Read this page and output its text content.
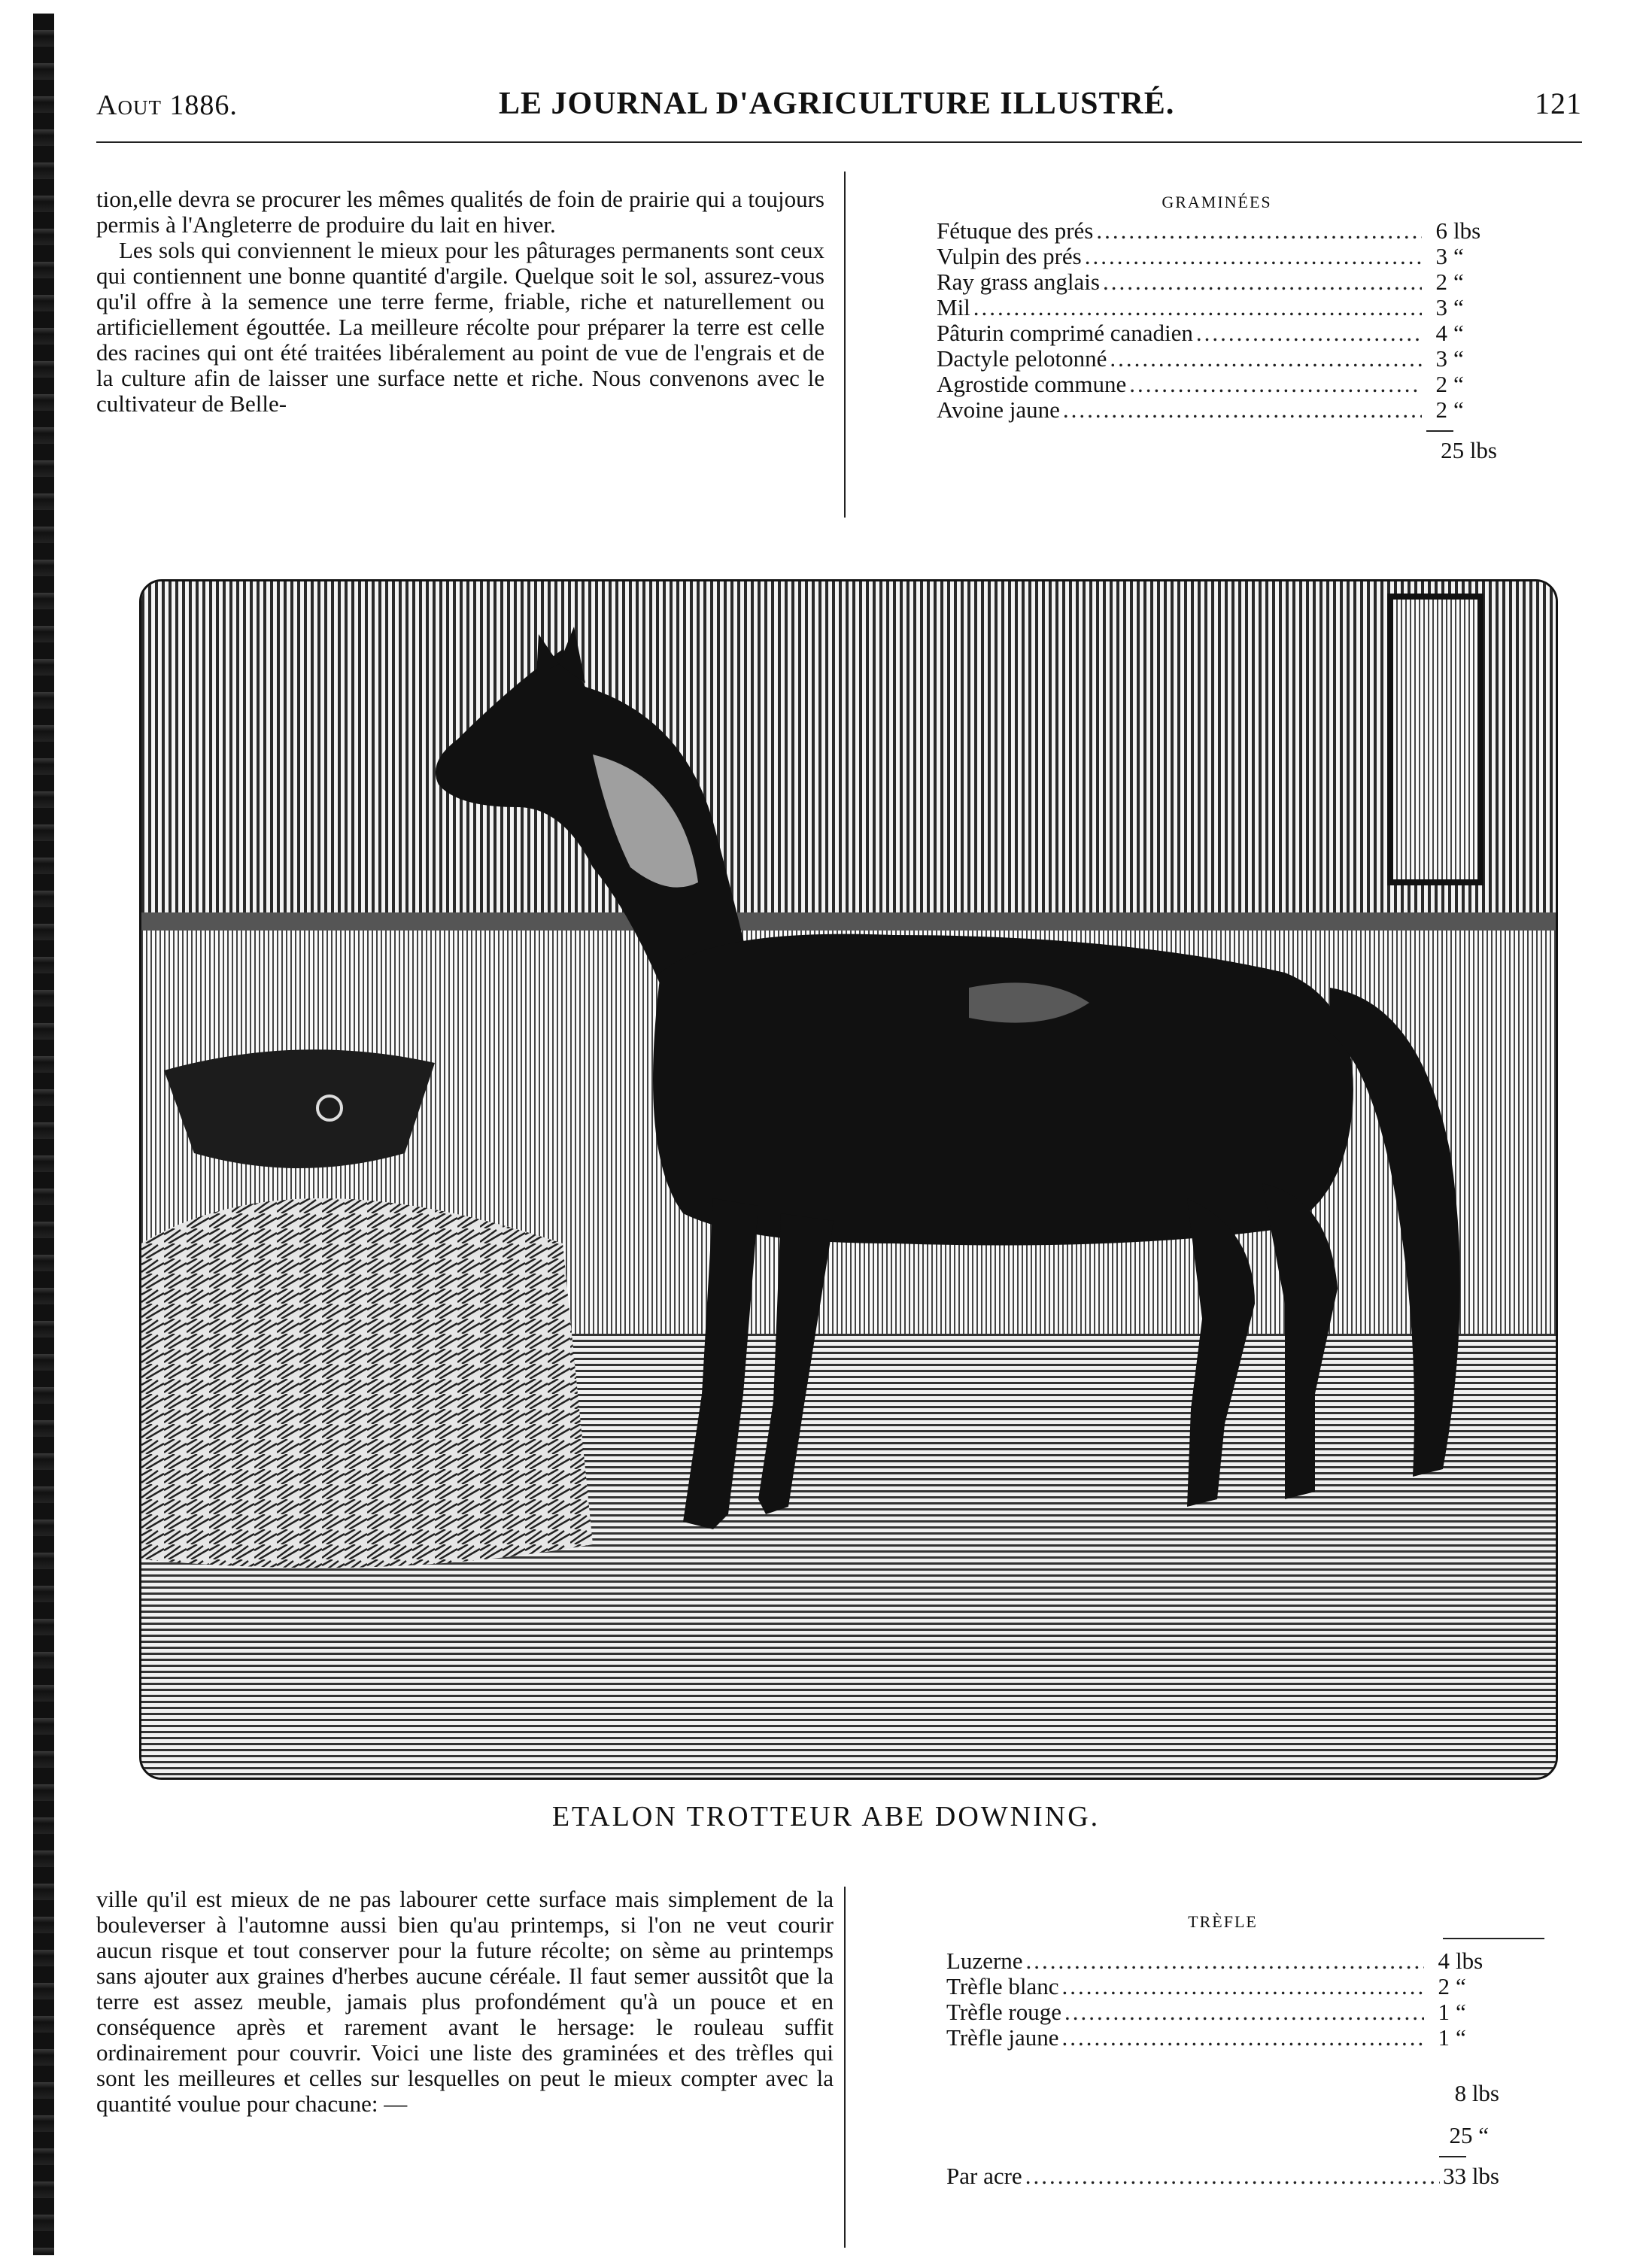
Aout 1886.	LE JOURNAL D'AGRICULTURE ILLUSTRÉ.	121

tion,elle devra se procurer les mêmes qualités de foin de prairie qui a toujours permis à l'Angleterre de produire du lait en hiver.

Les sols qui conviennent le mieux pour les pâturages permanents sont ceux qui contiennent une bonne quantité d'argile. Quelque soit le sol, assurez-vous qu'il offre à la semence une terre ferme, friable, riche et naturellement ou artificiellement égouttée. La meilleure récolte pour préparer la terre est celle des racines qui ont été traitées libéralement au point de vue de l'engrais et de la culture afin de laisser une surface nette et riche. Nous convenons avec le cultivateur de Belle-

GRAMINÉES
Fétuque des prés .....	6 lbs
Vulpin des prés .....	3 “
Ray grass anglais .....	2 “
Mil .....	3 “
Pâturin comprimé canadien .....	4 “
Dactyle pelotonné .....	3 “
Agrostide commune .....	2 “
Avoine jaune .....	2 “
25 lbs
ETALON TROTTEUR ABE DOWNING.

ville qu'il est mieux de ne pas labourer cette surface mais simplement de la bouleverser à l'automne aussi bien qu'au printemps, si l'on ne veut courir aucun risque et tout conserver pour la future récolte; on sème au printemps sans ajouter aux graines d'herbes aucune céréale. Il faut semer aussitôt que la terre est assez meuble, jamais plus profondément qu'à un pouce et en conséquence après et rarement avant le hersage: le rouleau suffit ordinairement pour couvrir. Voici une liste des graminées et des trèfles qui sont les meilleures et celles sur lesquelles on peut le mieux compter avec la quantité voulue pour chacune: —

TRÈFLE
Luzerne .....	4 lbs
Trèfle blanc .....	2 “
Trèfle rouge .....	1 “
Trèfle jaune .....	1 “
8 lbs
25 “
Par acre .....	33 lbs
